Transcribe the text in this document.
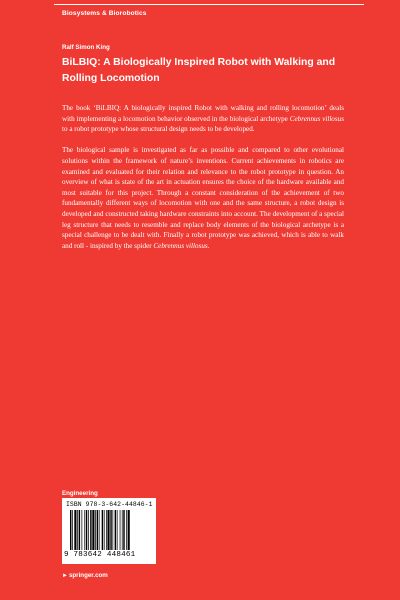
Biosystems & Biorobotics
Ralf Simon King
BiLBIQ: A Biologically Inspired Robot with Walking and Rolling Locomotion

The book ‘BiLBIQ: A biologically inspired Robot with walking and rolling locomotion’ deals with implementing a locomotion behavior observed in the biological archetype Cebrennus villosus to a robot prototype whose structural design needs to be developed.

The biological sample is investigated as far as possible and compared to other evolutional solutions within the framework of nature’s inventions. Current achievements in robotics are examined and evaluated for their relation and relevance to the robot prototype in question. An overview of what is state of the art in actuation ensures the choice of the hardware available and most suitable for this project. Through a constant consideration of the achievement of two fundamentally different ways of locomotion with one and the same structure, a robot design is developed and constructed taking hardware constraints into account. The development of a special leg structure that needs to resemble and replace body elements of the biological archetype is a special challenge to be dealt with. Finally a robot prototype was achieved, which is able to walk and roll - inspired by the spider Cebrennus villosus.

Engineering
ISBN 978-3-642-44846-1
9 783642 448461
►springer.com
